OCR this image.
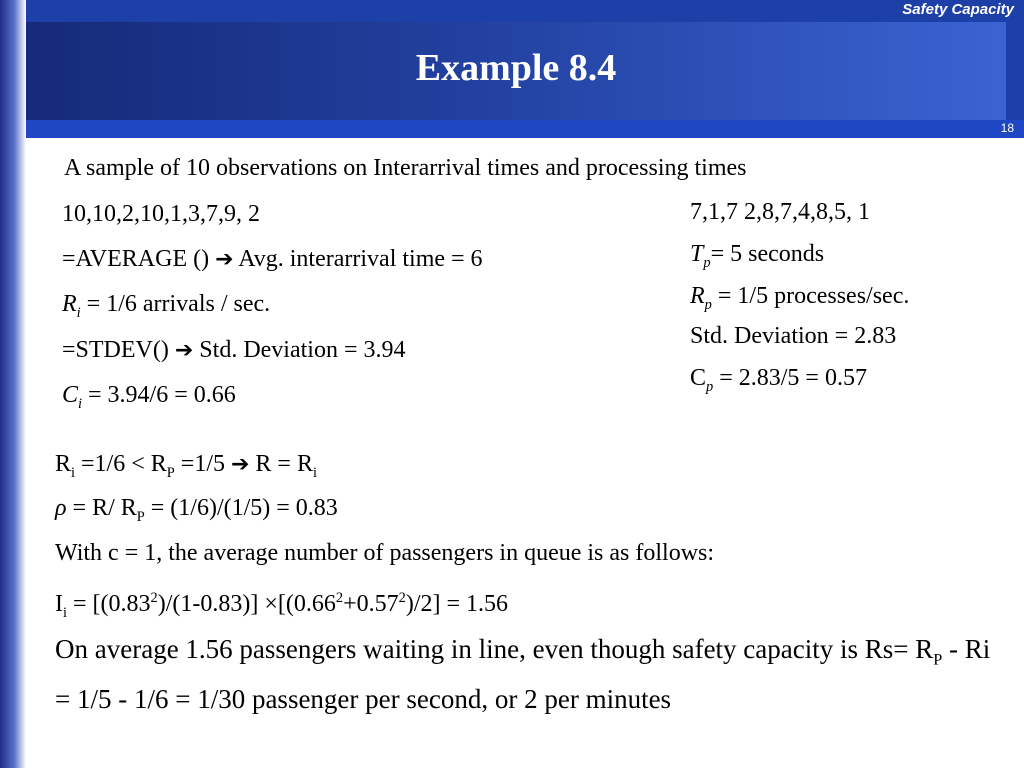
Safety Capacity
Example 8.4
18
A sample of 10 observations on Interarrival times and processing times
10,10,2,10,1,3,7,9, 2
=AVERAGE () ➔ Avg. interarrival time = 6
$R_i = 1/6$ arrivals / sec.
=STDEV() ➔ Std. Deviation = 3.94
$C_i = 3.94/6 = 0.66$
7,1,7 2,8,7,4,8,5, 1
$T_p= 5$ seconds
$R_p = 1/5$ processes/sec.
Std. Deviation = 2.83
$C_p = 2.83/5 = 0.57$
$R_i =1/6 < R_P =1/5$ ➔ $R = R_i$
ρ = R/ $R_P = (1/6)/(1/5) = 0.83$
With c = 1, the average number of passengers in queue is as follows:
$I_i = [(0.83^2)/(1-0.83)] \times[(0.66^2+0.57^2)/2] = 1.56$
On average 1.56 passengers waiting in line, even though safety capacity is $Rs= R_P - Ri = 1/5 - 1/6 = 1/30$ passenger per second, or 2 per minutes
